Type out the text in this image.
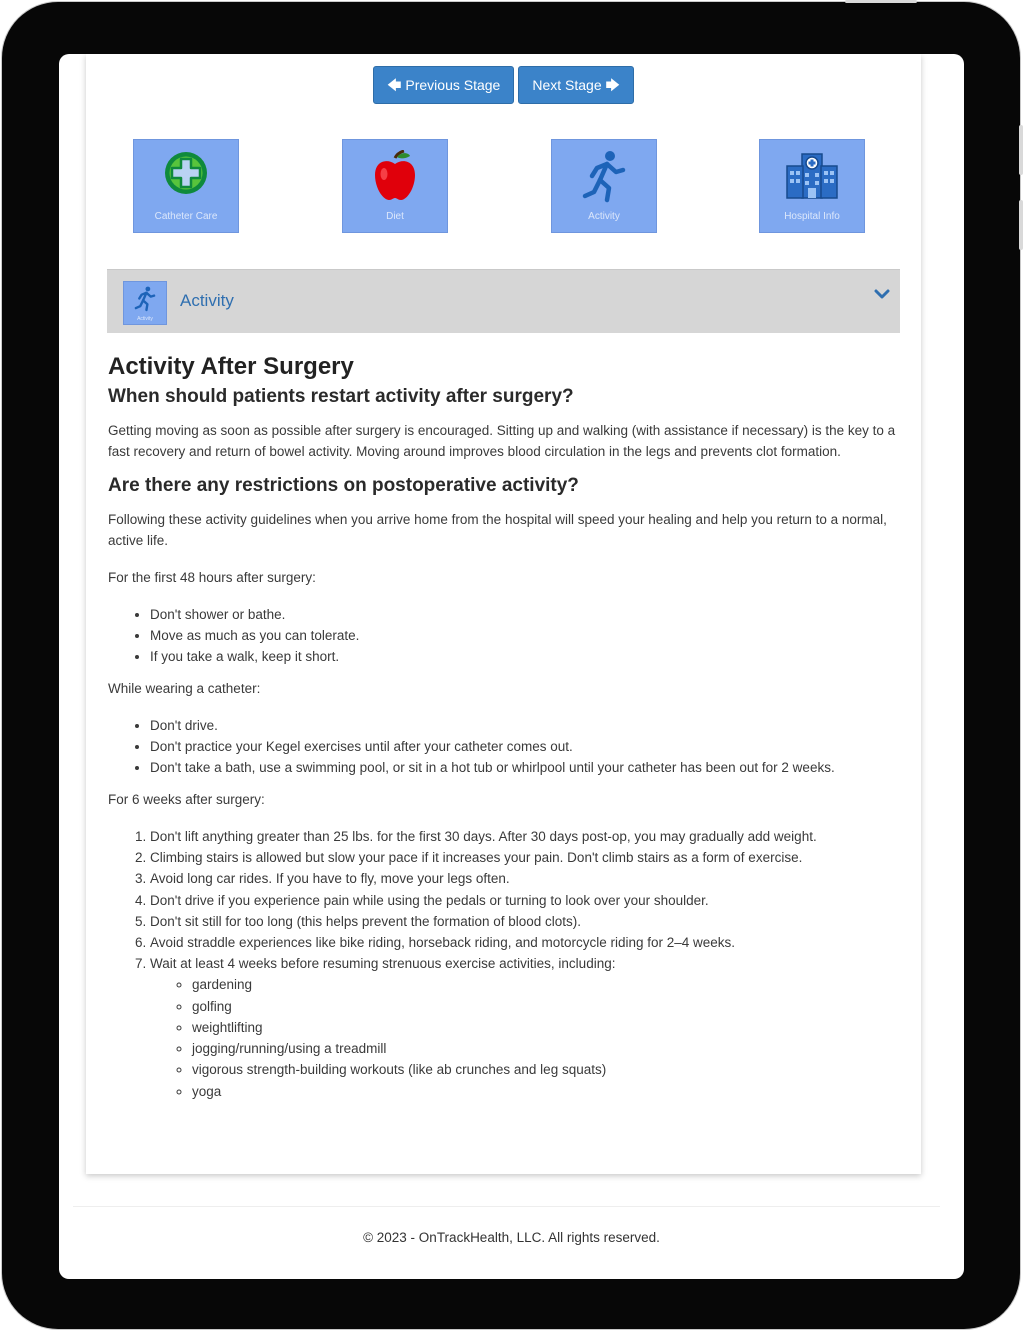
🡄 Previous Stage Next Stage 🡆
Catheter Care	Diet	Activity	Hospital Info
Activity
Activity
Activity After Surgery
When should patients restart activity after surgery?

Getting moving as soon as possible after surgery is encouraged. Sitting up and walking (with assistance if necessary) is the key to a fast recovery and return of bowel activity. Moving around improves blood circulation in the legs and prevents clot formation.

Are there any restrictions on postoperative activity?

Following these activity guidelines when you arrive home from the hospital will speed your healing and help you return to a normal, active life.

For the first 48 hours after surgery:

• Don't shower or bathe.
• Move as much as you can tolerate.
• If you take a walk, keep it short.

While wearing a catheter:

• Don't drive.
• Don't practice your Kegel exercises until after your catheter comes out.
• Don't take a bath, use a swimming pool, or sit in a hot tub or whirlpool until your catheter has been out for 2 weeks.

For 6 weeks after surgery:

1. Don't lift anything greater than 25 lbs. for the first 30 days. After 30 days post-op, you may gradually add weight.
2. Climbing stairs is allowed but slow your pace if it increases your pain. Don't climb stairs as a form of exercise.
3. Avoid long car rides. If you have to fly, move your legs often.
4. Don't drive if you experience pain while using the pedals or turning to look over your shoulder.
5. Don't sit still for too long (this helps prevent the formation of blood clots).
6. Avoid straddle experiences like bike riding, horseback riding, and motorcycle riding for 2–4 weeks.
7. Wait at least 4 weeks before resuming strenuous exercise activities, including:
◦ gardening
◦ golfing
◦ weightlifting
◦ jogging/running/using a treadmill
◦ vigorous strength-building workouts (like ab crunches and leg squats)
◦ yoga
© 2023 - OnTrackHealth, LLC. All rights reserved.
